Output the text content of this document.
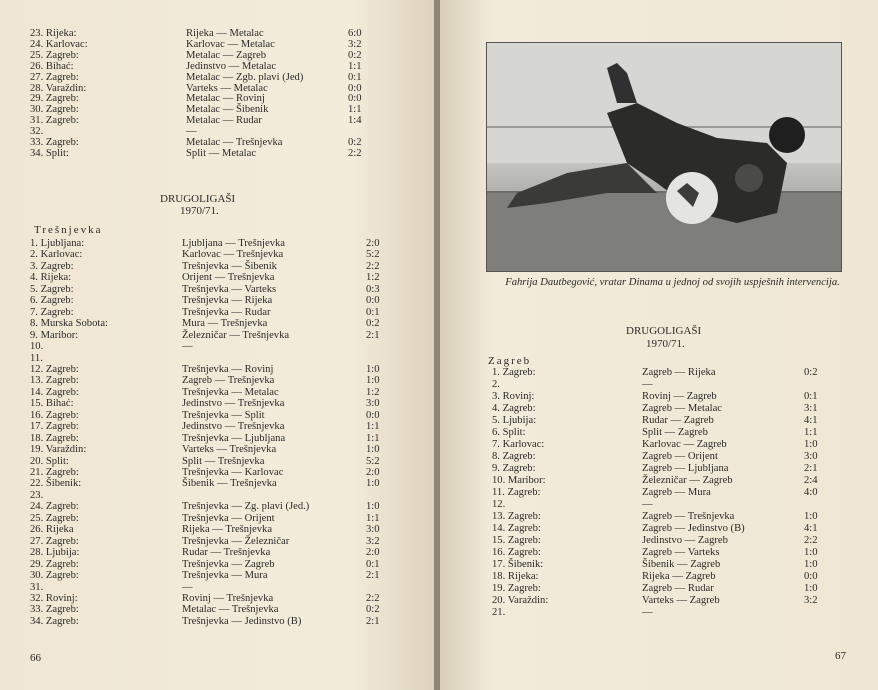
23. Rijeka:	Rijeka — Metalac	6:0
24. Karlovac:	Karlovac — Metalac	3:2
25. Zagreb:	Metalac — Zagreb	0:2
26. Bihać:	Jedinstvo — Metalac	1:1
27. Zagreb:	Metalac — Zgb. plavi (Jed)	0:1
28. Varaždin:	Varteks — Metalac	0:0
29. Zagreb:	Metalac — Rovinj	0:0
30. Zagreb:	Metalac — Šibenik	1:1
31. Zagreb:	Metalac — Rudar	1:4
32.	—
33. Zagreb:	Metalac — Trešnjevka	0:2
34. Split:	Split — Metalac	2:2
DRUGOLIGAŠI
1970/71.
Trešnjevka
1. Ljubljana:	Ljubljana — Trešnjevka	2:0
2. Karlovac:	Karlovac — Trešnjevka	5:2
3. Zagreb:	Trešnjevka — Šibenik	2:2
4. Rijeka:	Orijent — Trešnjevka	1:2
5. Zagreb:	Trešnjevka — Varteks	0:3
6. Zagreb:	Trešnjevka — Rijeka	0:0
7. Zagreb:	Trešnjevka — Rudar	0:1
8. Murska Sobota:	Mura — Trešnjevka	0:2
9. Maribor:	Železničar — Trešnjevka	2:1
10.	—
11.
12. Zagreb:	Trešnjevka — Rovinj	1:0
13. Zagreb:	Zagreb — Trešnjevka	1:0
14. Zagreb:	Trešnjevka — Metalac	1:2
15. Bihać:	Jedinstvo — Trešnjevka	3:0
16. Zagreb:	Trešnjevka — Split	0:0
17. Zagreb:	Jedinstvo — Trešnjevka	1:1
18. Zagreb:	Trešnjevka — Ljubljana	1:1
19. Varaždin:	Varteks — Trešnjevka	1:0
20. Split:	Split — Trešnjevka	5:2
21. Zagreb:	Trešnjevka — Karlovac	2:0
22. Šibenik:	Šibenik — Trešnjevka	1:0
23.
24. Zagreb:	Trešnjevka — Zg. plavi (Jed.)	1:0
25. Zagreb:	Trešnjevka — Orijent	1:1
26. Rijeka	Rijeka — Trešnjevka	3:0
27. Zagreb:	Trešnjevka — Železničar	3:2
28. Ljubija:	Rudar — Trešnjevka	2:0
29. Zagreb:	Trešnjevka — Zagreb	0:1
30. Zagreb:	Trešnjevka — Mura	2:1
31.	—
32. Rovinj:	Rovinj — Trešnjevka	2:2
33. Zagreb:	Metalac — Trešnjevka	0:2
34. Zagreb:	Trešnjevka — Jedinstvo (B)	2:1
66
Fahrija Dautbegović, vratar Dinama u jednoj od svojih uspješnih intervencija.
DRUGOLIGAŠI
1970/71.
Zagreb
1. Zagreb:	Zagreb — Rijeka	0:2
2.	—
3. Rovinj:	Rovinj — Zagreb	0:1
4. Zagreb:	Zagreb — Metalac	3:1
5. Ljubija:	Rudar — Zagreb	4:1
6. Split:	Split — Zagreb	1:1
7. Karlovac:	Karlovac — Zagreb	1:0
8. Zagreb:	Zagreb — Orijent	3:0
9. Zagreb:	Zagreb — Ljubljana	2:1
10. Maribor:	Železničar — Zagreb	2:4
11. Zagreb:	Zagreb — Mura	4:0
12.	—
13. Zagreb:	Zagreb — Trešnjevka	1:0
14. Zagreb:	Zagreb — Jedinstvo (B)	4:1
15. Zagreb:	Jedinstvo — Zagreb	2:2
16. Zagreb:	Zagreb — Varteks	1:0
17. Šibenik:	Šibenik — Zagreb	1:0
18. Rijeka:	Rijeka — Zagreb	0:0
19. Zagreb:	Zagreb — Rudar	1:0
20. Varaždin:	Varteks — Zagreb	3:2
21.	—
67
